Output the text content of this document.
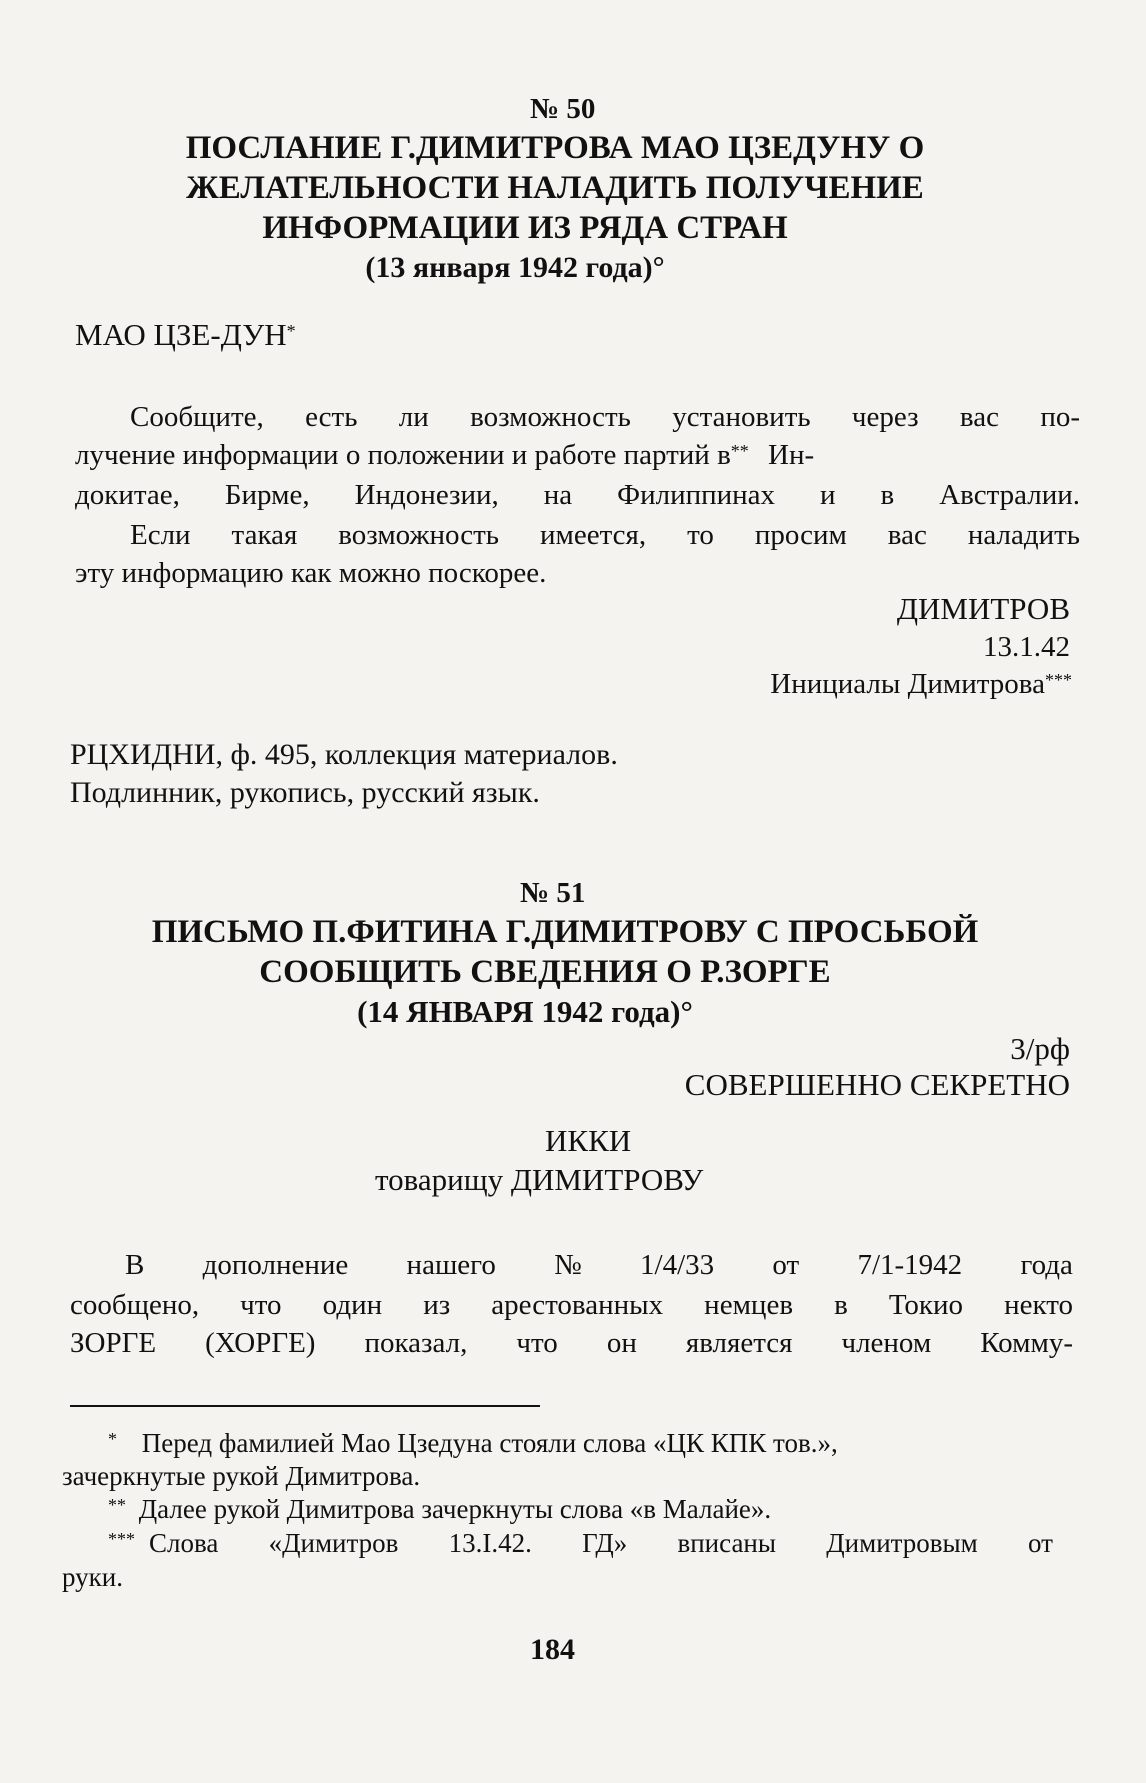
№ 50
ПОСЛАНИЕ Г.ДИМИТРОВА МАО ЦЗЕДУНУ О
ЖЕЛАТЕЛЬНОСТИ НАЛАДИТЬ ПОЛУЧЕНИЕ
ИНФОРМАЦИИ ИЗ РЯДА СТРАН
(13 января 1942 года)°
МАО ЦЗЕ-ДУН*
Сообщите, есть ли возможность установить через вас по-
лучение информации о положении и работе партий в** Ин-
докитае, Бирме, Индонезии, на Филиппинах и в Австралии.
Если такая возможность имеется, то просим вас наладить
эту информацию как можно поскорее.
ДИМИТРОВ
13.1.42
Инициалы Димитрова***
РЦХИДНИ, ф. 495, коллекция материалов.
Подлинник, рукопись, русский язык.
№ 51
ПИСЬМО П.ФИТИНА Г.ДИМИТРОВУ С ПРОСЬБОЙ
СООБЩИТЬ СВЕДЕНИЯ О Р.ЗОРГЕ
(14 ЯНВАРЯ 1942 года)°
3/рф
СОВЕРШЕННО СЕКРЕТНО
ИККИ
товарищу ДИМИТРОВУ
В дополнение нашего № 1/4/33 от 7/1-1942 года
сообщено, что один из арестованных немцев в Токио некто
ЗОРГЕ (ХОРГЕ) показал, что он является членом Комму-
* Перед фамилией Мао Цзедуна стояли слова «ЦК КПК тов.»,
зачеркнутые рукой Димитрова.
** Далее рукой Димитрова зачеркнуты слова «в Малайе».
*** Слова «Димитров 13.I.42. ГД» вписаны Димитровым от
руки.
184
